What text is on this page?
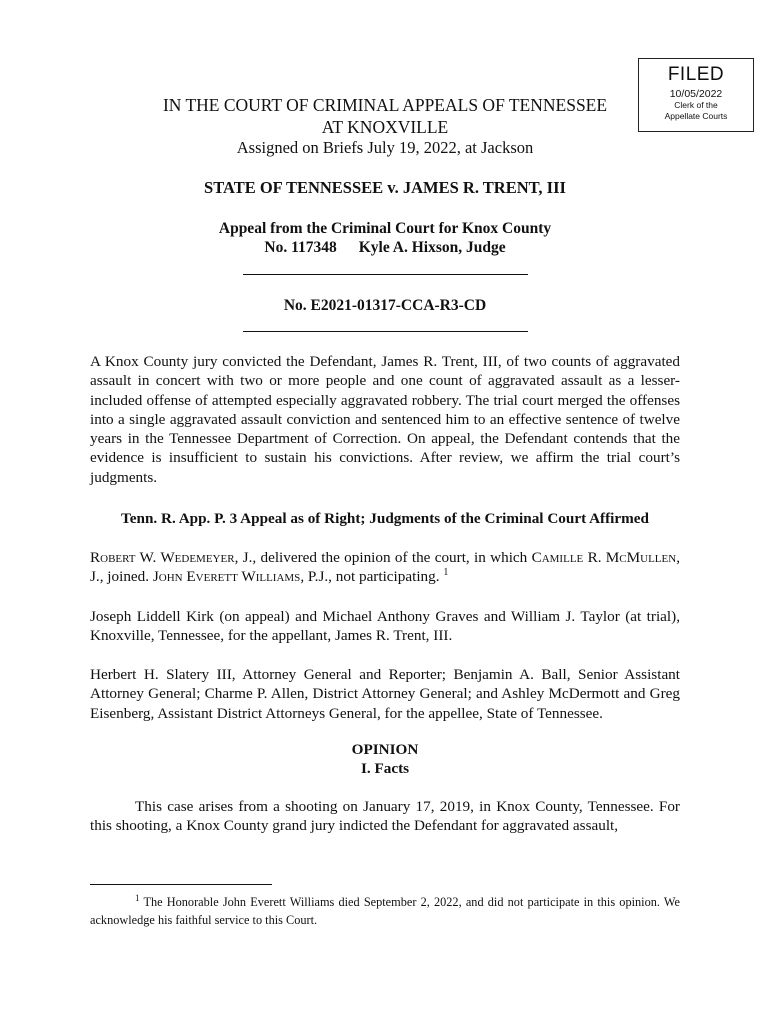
FILED
10/05/2022
Clerk of the
Appellate Courts
IN THE COURT OF CRIMINAL APPEALS OF TENNESSEE
AT KNOXVILLE
Assigned on Briefs July 19, 2022, at Jackson
STATE OF TENNESSEE v. JAMES R. TRENT, III
Appeal from the Criminal Court for Knox County
No. 117348 Kyle A. Hixson, Judge
No. E2021-01317-CCA-R3-CD
A Knox County jury convicted the Defendant, James R. Trent, III, of two counts of aggravated assault in concert with two or more people and one count of aggravated assault as a lesser-included offense of attempted especially aggravated robbery. The trial court merged the offenses into a single aggravated assault conviction and sentenced him to an effective sentence of twelve years in the Tennessee Department of Correction. On appeal, the Defendant contends that the evidence is insufficient to sustain his convictions. After review, we affirm the trial court’s judgments.
Tenn. R. App. P. 3 Appeal as of Right; Judgments of the Criminal Court Affirmed
Robert W. Wedemeyer, J., delivered the opinion of the court, in which Camille R. McMullen, J., joined. John Everett Williams, P.J., not participating. $^1$
Joseph Liddell Kirk (on appeal) and Michael Anthony Graves and William J. Taylor (at trial), Knoxville, Tennessee, for the appellant, James R. Trent, III.
Herbert H. Slatery III, Attorney General and Reporter; Benjamin A. Ball, Senior Assistant Attorney General; Charme P. Allen, District Attorney General; and Ashley McDermott and Greg Eisenberg, Assistant District Attorneys General, for the appellee, State of Tennessee.
OPINION
I. Facts
This case arises from a shooting on January 17, 2019, in Knox County, Tennessee. For this shooting, a Knox County grand jury indicted the Defendant for aggravated assault,
$^1$ The Honorable John Everett Williams died September 2, 2022, and did not participate in this opinion. We acknowledge his faithful service to this Court.
